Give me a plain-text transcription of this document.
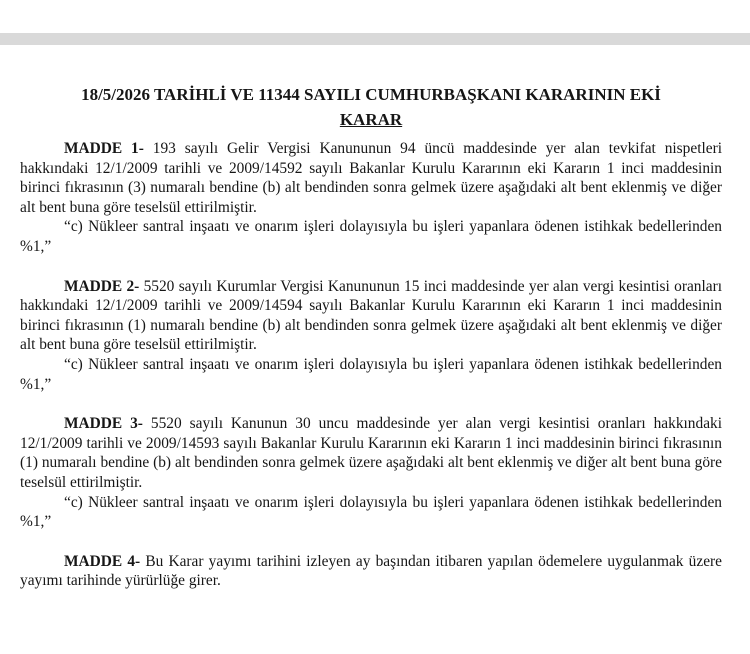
18/5/2026 TARİHLİ VE 11344 SAYILI CUMHURBAŞKANI KARARININ EKİ
KARAR

MADDE 1- 193 sayılı Gelir Vergisi Kanununun 94 üncü maddesinde yer alan tevkifat nispetleri hakkındaki 12/1/2009 tarihli ve 2009/14592 sayılı Bakanlar Kurulu Kararının eki Kararın 1 inci maddesinin birinci fıkrasının (3) numaralı bendine (b) alt bendinden sonra gelmek üzere aşağıdaki alt bent eklenmiş ve diğer alt bent buna göre teselsül ettirilmiştir.

“c) Nükleer santral inşaatı ve onarım işleri dolayısıyla bu işleri yapanlara ödenen istihkak bedellerinden %1,”

MADDE 2- 5520 sayılı Kurumlar Vergisi Kanununun 15 inci maddesinde yer alan vergi kesintisi oranları hakkındaki 12/1/2009 tarihli ve 2009/14594 sayılı Bakanlar Kurulu Kararının eki Kararın 1 inci maddesinin birinci fıkrasının (1) numaralı bendine (b) alt bendinden sonra gelmek üzere aşağıdaki alt bent eklenmiş ve diğer alt bent buna göre teselsül ettirilmiştir.

“c) Nükleer santral inşaatı ve onarım işleri dolayısıyla bu işleri yapanlara ödenen istihkak bedellerinden %1,”

MADDE 3- 5520 sayılı Kanunun 30 uncu maddesinde yer alan vergi kesintisi oranları hakkındaki 12/1/2009 tarihli ve 2009/14593 sayılı Bakanlar Kurulu Kararının eki Kararın 1 inci maddesinin birinci fıkrasının (1) numaralı bendine (b) alt bendinden sonra gelmek üzere aşağıdaki alt bent eklenmiş ve diğer alt bent buna göre teselsül ettirilmiştir.

“c) Nükleer santral inşaatı ve onarım işleri dolayısıyla bu işleri yapanlara ödenen istihkak bedellerinden %1,”

MADDE 4- Bu Karar yayımı tarihini izleyen ay başından itibaren yapılan ödemelere uygulanmak üzere yayımı tarihinde yürürlüğe girer.
